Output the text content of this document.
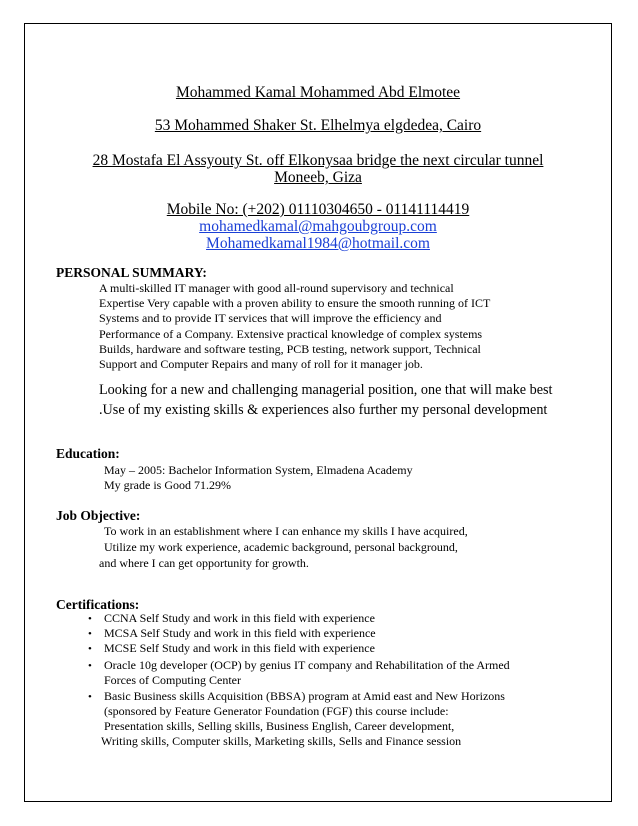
Mohammed Kamal Mohammed Abd Elmotee
53 Mohammed Shaker St. Elhelmya elgdedea, Cairo
28 Mostafa El Assyouty St. off Elkonysaa bridge the next circular tunnel
Moneeb, Giza
Mobile No: (+202) 01110304650 - 01141114419
mohamedkamal@mahgoubgroup.com
Mohamedkamal1984@hotmail.com
PERSONAL SUMMARY:
A multi-skilled IT manager with good all-round supervisory and technical
Expertise Very capable with a proven ability to ensure the smooth running of ICT
Systems and to provide IT services that will improve the efficiency and
Performance of a Company. Extensive practical knowledge of complex systems
Builds, hardware and software testing, PCB testing, network support, Technical
Support and Computer Repairs and many of roll for it manager job.
Looking for a new and challenging managerial position, one that will make best
.Use of my existing skills & experiences also further my personal development
Education:
May – 2005: Bachelor Information System, Elmadena Academy
My grade is Good 71.29%
Job Objective:
To work in an establishment where I can enhance my skills I have acquired,
Utilize my work experience, academic background, personal background,
and where I can get opportunity for growth.
Certifications:
• CCNA Self Study and work in this field with experience
• MCSA Self Study and work in this field with experience
• MCSE Self Study and work in this field with experience
• Oracle 10g developer (OCP) by genius IT company and Rehabilitation of the Armed
Forces of Computing Center
• Basic Business skills Acquisition (BBSA) program at Amid east and New Horizons
(sponsored by Feature Generator Foundation (FGF) this course include:
Presentation skills, Selling skills, Business English, Career development,
Writing skills, Computer skills, Marketing skills, Sells and Finance session
